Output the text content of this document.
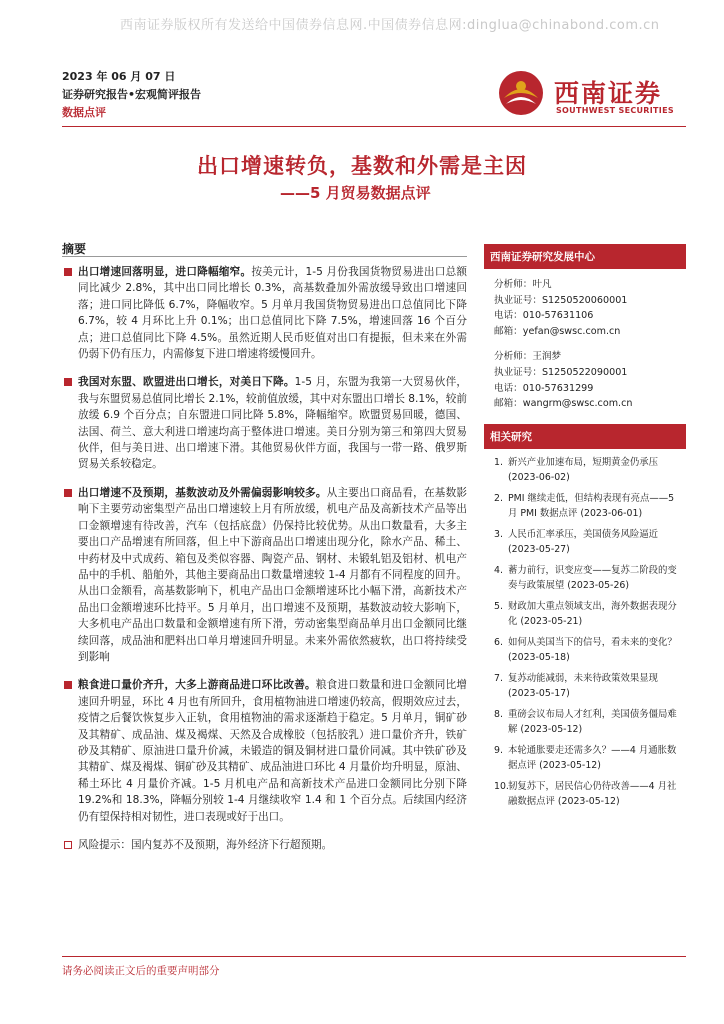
西南证券版权所有发送给中国债券信息网.中国债券信息网:dinglua@chinabond.com.cn
2023 年 06 月 07 日
证券研究报告•宏观简评报告
数据点评
西南证券
SOUTHWEST SECURITIES
出口增速转负，基数和外需是主因
——5 月贸易数据点评
摘要

出口增速回落明显，进口降幅缩窄。按美元计，1-5 月份我国货物贸易进出口总额同比减少 2.8%，其中出口同比增长 0.3%，高基数叠加外需放缓导致出口增速回落；进口同比降低 6.7%，降幅收窄。5 月单月我国货物贸易进出口总值同比下降 6.7%，较 4 月环比上升 0.1%；出口总值同比下降 7.5%，增速回落 16 个百分点；进口总值同比下降 4.5%。虽然近期人民币贬值对出口有提振，但未来在外需仍弱下仍有压力，内需修复下进口增速将缓慢回升。

我国对东盟、欧盟进出口增长，对美日下降。1-5 月，东盟为我第一大贸易伙伴，我与东盟贸易总值同比增长 2.1%，较前值放缓，其中对东盟出口增长 8.1%，较前放缓 6.9 个百分点；自东盟进口同比降 5.8%，降幅缩窄。欧盟贸易回暖，德国、法国、荷兰、意大利进口增速均高于整体进口增速。美日分别为第三和第四大贸易伙伴，但与美日进、出口增速下滑。其他贸易伙伴方面，我国与一带一路、俄罗斯贸易关系较稳定。

出口增速不及预期，基数波动及外需偏弱影响较多。从主要出口商品看，在基数影响下主要劳动密集型产品出口增速较上月有所放缓，机电产品及高新技术产品等出口金额增速有待改善，汽车（包括底盘）仍保持比较优势。从出口数量看，大多主要出口产品增速有所回落，但上中下游商品出口增速出现分化，除水产品、稀土、中药材及中式成药、箱包及类似容器、陶瓷产品、钢材、未锻轧铝及铝材、机电产品中的手机、船舶外，其他主要商品出口数量增速较 1-4 月都有不同程度的回升。从出口金额看，高基数影响下，机电产品出口金额增速环比小幅下滑，高新技术产品出口金额增速环比持平。5 月单月，出口增速不及预期，基数波动较大影响下，大多机电产品出口数量和金额增速有所下滑，劳动密集型商品单月出口金额同比继续回落，成品油和肥料出口单月增速回升明显。未来外需依然疲软，出口将持续受到影响

粮食进口量价齐升，大多上游商品进口环比改善。粮食进口数量和进口金额同比增速回升明显，环比 4 月也有所回升，食用植物油进口增速仍较高，假期效应过去，疫情之后餐饮恢复步入正轨，食用植物油的需求逐渐趋于稳定。5 月单月，铜矿砂及其精矿、成品油、煤及褐煤、天然及合成橡胶（包括胶乳）进口量价齐升，铁矿砂及其精矿、原油进口量升价减，未锻造的铜及铜材进口量价同减。其中铁矿砂及其精矿、煤及褐煤、铜矿砂及其精矿、成品油进口环比 4 月量价均升明显，原油、稀土环比 4 月量价齐减。1-5 月机电产品和高新技术产品进口金额同比分别下降 19.2%和 18.3%，降幅分别较 1-4 月继续收窄 1.4 和 1 个百分点。后续国内经济仍有望保持相对韧性，进口表现或好于出口。

风险提示：国内复苏不及预期，海外经济下行超预期。

西南证券研究发展中心
分析师：叶凡
执业证号：S1250520060001
电话：010-57631106
邮箱：yefan@swsc.com.cn
分析师：王润梦
执业证号：S1250522090001
电话：010-57631299
邮箱：wangrm@swsc.com.cn
相关研究
1. 新兴产业加速布局，短期黄金仍承压 (2023-06-02)
2. PMI 继续走低，但结构表现有亮点——5 月 PMI 数据点评 (2023-06-01)
3. 人民币汇率承压，美国债务风险逼近 (2023-05-27)
4. 蓄力前行，识变应变——复苏二阶段的变奏与政策展望 (2023-05-26)
5. 财政加大重点领域支出，海外数据表现分化 (2023-05-21)
6. 如何从美国当下的信号，看未来的变化？ (2023-05-18)
7. 复苏动能减弱，未来待政策效果显现 (2023-05-17)
8. 重磅会议布局人才红利，美国债务僵局难解 (2023-05-12)
9. 本轮通胀要走还需多久？——4 月通胀数据点评 (2023-05-12)
10. 韧复苏下，居民信心仍待改善——4 月社融数据点评 (2023-05-12)
请务必阅读正文后的重要声明部分
